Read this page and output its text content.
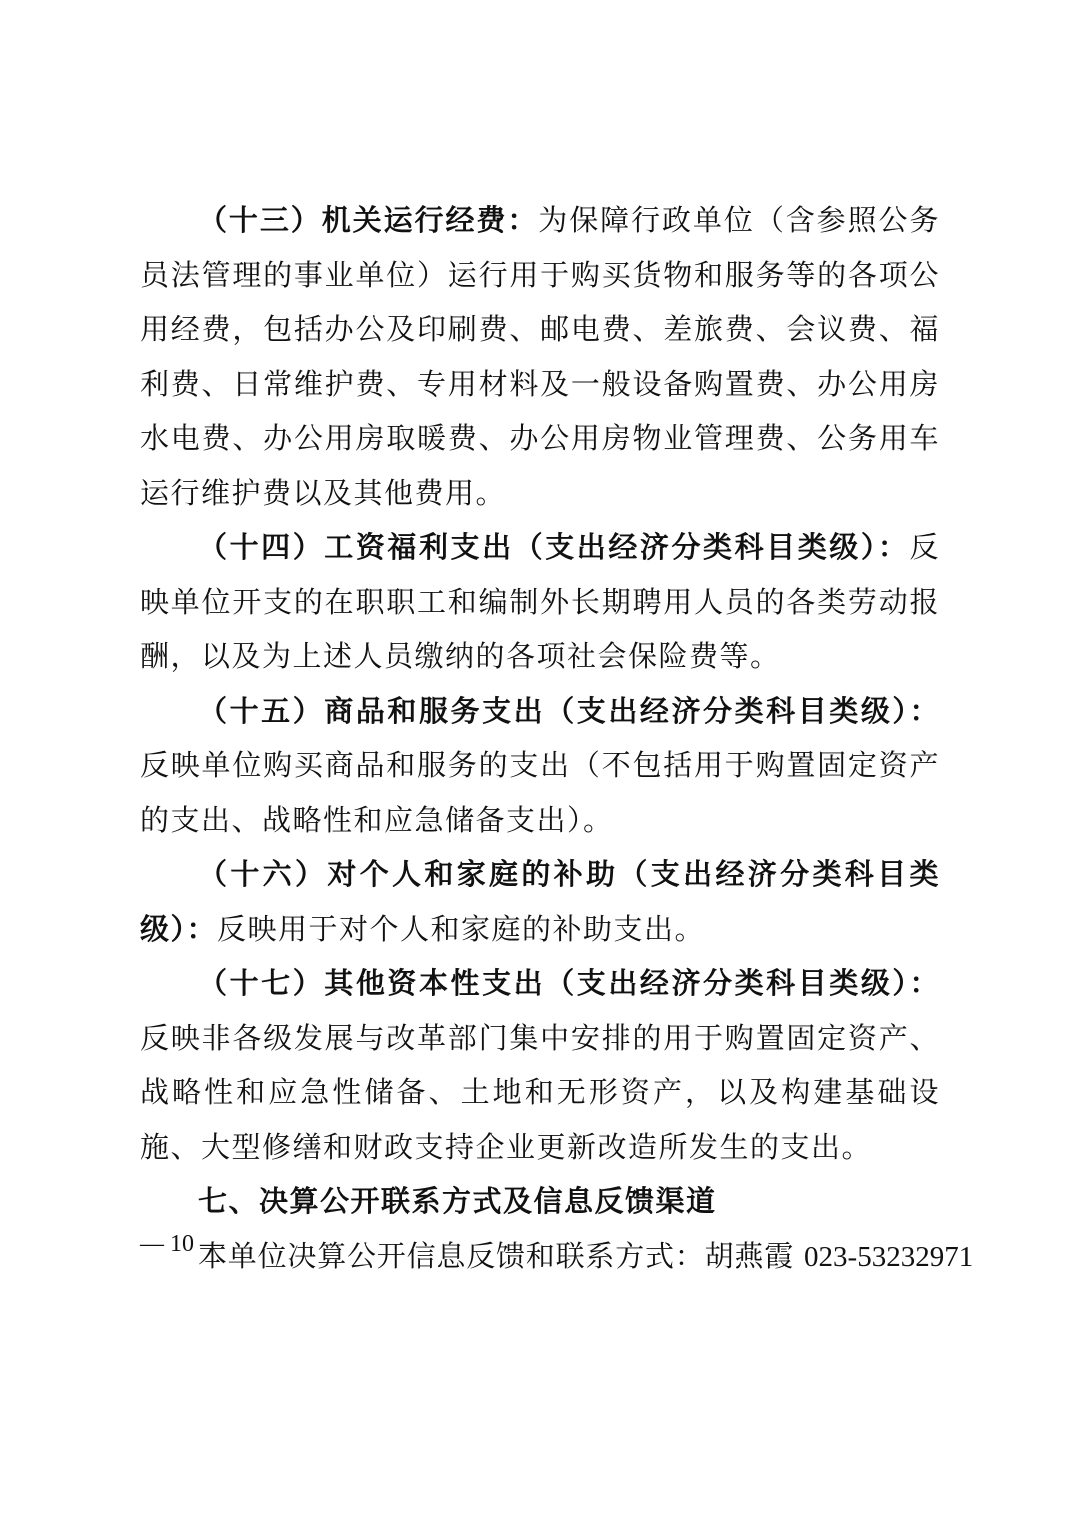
（十三）机关运行经费：为保障行政单位（含参照公务员法管理的事业单位）运行用于购买货物和服务等的各项公用经费，包括办公及印刷费、邮电费、差旅费、会议费、福利费、日常维护费、专用材料及一般设备购置费、办公用房水电费、办公用房取暖费、办公用房物业管理费、公务用车运行维护费以及其他费用。

（十四）工资福利支出（支出经济分类科目类级）：反映单位开支的在职职工和编制外长期聘用人员的各类劳动报酬，以及为上述人员缴纳的各项社会保险费等。

（十五）商品和服务支出（支出经济分类科目类级）：反映单位购买商品和服务的支出（不包括用于购置固定资产的支出、战略性和应急储备支出）。

（十六）对个人和家庭的补助（支出经济分类科目类级）：反映用于对个人和家庭的补助支出。

（十七）其他资本性支出（支出经济分类科目类级）：反映非各级发展与改革部门集中安排的用于购置固定资产、战略性和应急性储备、土地和无形资产，以及构建基础设施、大型修缮和财政支持企业更新改造所发生的支出。

七、决算公开联系方式及信息反馈渠道

本单位决算公开信息反馈和联系方式：胡燕霞 023-53232971

— 10 —
